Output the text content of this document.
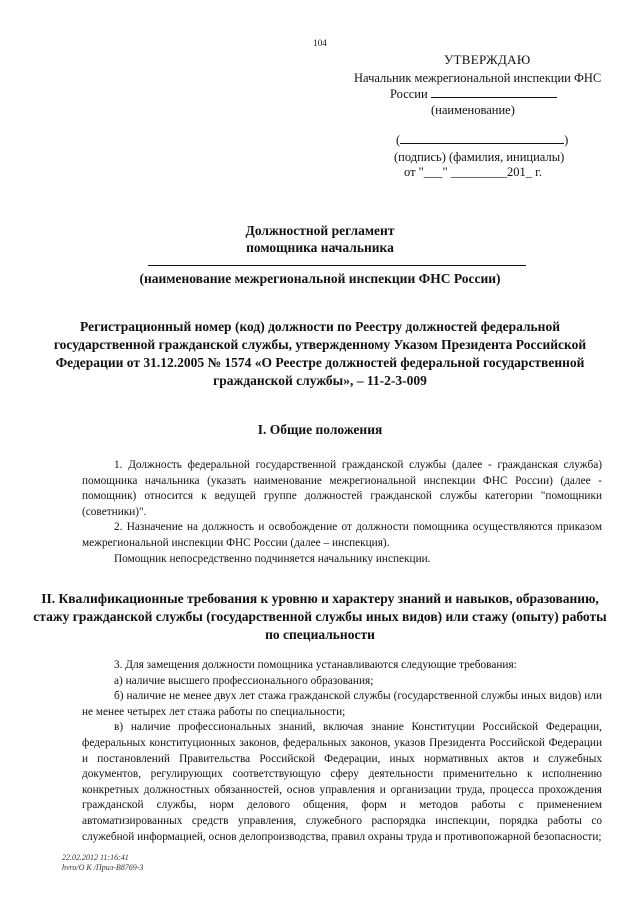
104
УТВЕРЖДАЮ
Начальник межрегиональной инспекции ФНС
России
(наименование)
(	)
(подпись) (фамилия, инициалы)
от "___" _________201_ г.
Должностной регламент
помощника начальника
(наименование межрегиональной инспекции ФНС России)
Регистрационный номер (код) должности по Реестру должностей федеральной государственной гражданской службы, утвержденному Указом Президента Российской Федерации от 31.12.2005 № 1574 «О Реестре должностей федеральной государственной гражданской службы», – 11-2-3-009
I. Общие положения

1. Должность федеральной государственной гражданской службы (далее - гражданская служба) помощника начальника (указать наименование межрегиональной инспекции ФНС России) (далее - помощник) относится к ведущей группе должностей гражданской службы категории "помощники (советники)".

2. Назначение на должность и освобождение от должности помощника осуществляются приказом межрегиональной инспекции ФНС России (далее – инспекция).

Помощник непосредственно подчиняется начальнику инспекции.

II. Квалификационные требования к уровню и характеру знаний и навыков, образованию, стажу гражданской службы (государственной службы иных видов) или стажу (опыту) работы по специальности

3. Для замещения должности помощника устанавливаются следующие требования:

а) наличие высшего профессионального образования;

б) наличие не менее двух лет стажа гражданской службы (государственной службы иных видов) или не менее четырех лет стажа работы по специальности;

в) наличие профессиональных знаний, включая знание Конституции Российской Федерации, федеральных конституционных законов, федеральных законов, указов Президента Российской Федерации и постановлений Правительства Российской Федерации, иных нормативных актов и служебных документов, регулирующих соответствующую сферу деятельности применительно к исполнению конкретных должностных обязанностей, основ управления и организации труда, процесса прохождения гражданской службы, норм делового общения, форм и методов работы с применением автоматизированных средств управления, служебного распорядка инспекции, порядка работы со служебной информацией, основ делопроизводства, правил охраны труда и противопожарной безопасности;

22.02.2012 11:16:41
hvro/O K /Прил-В8769-3
